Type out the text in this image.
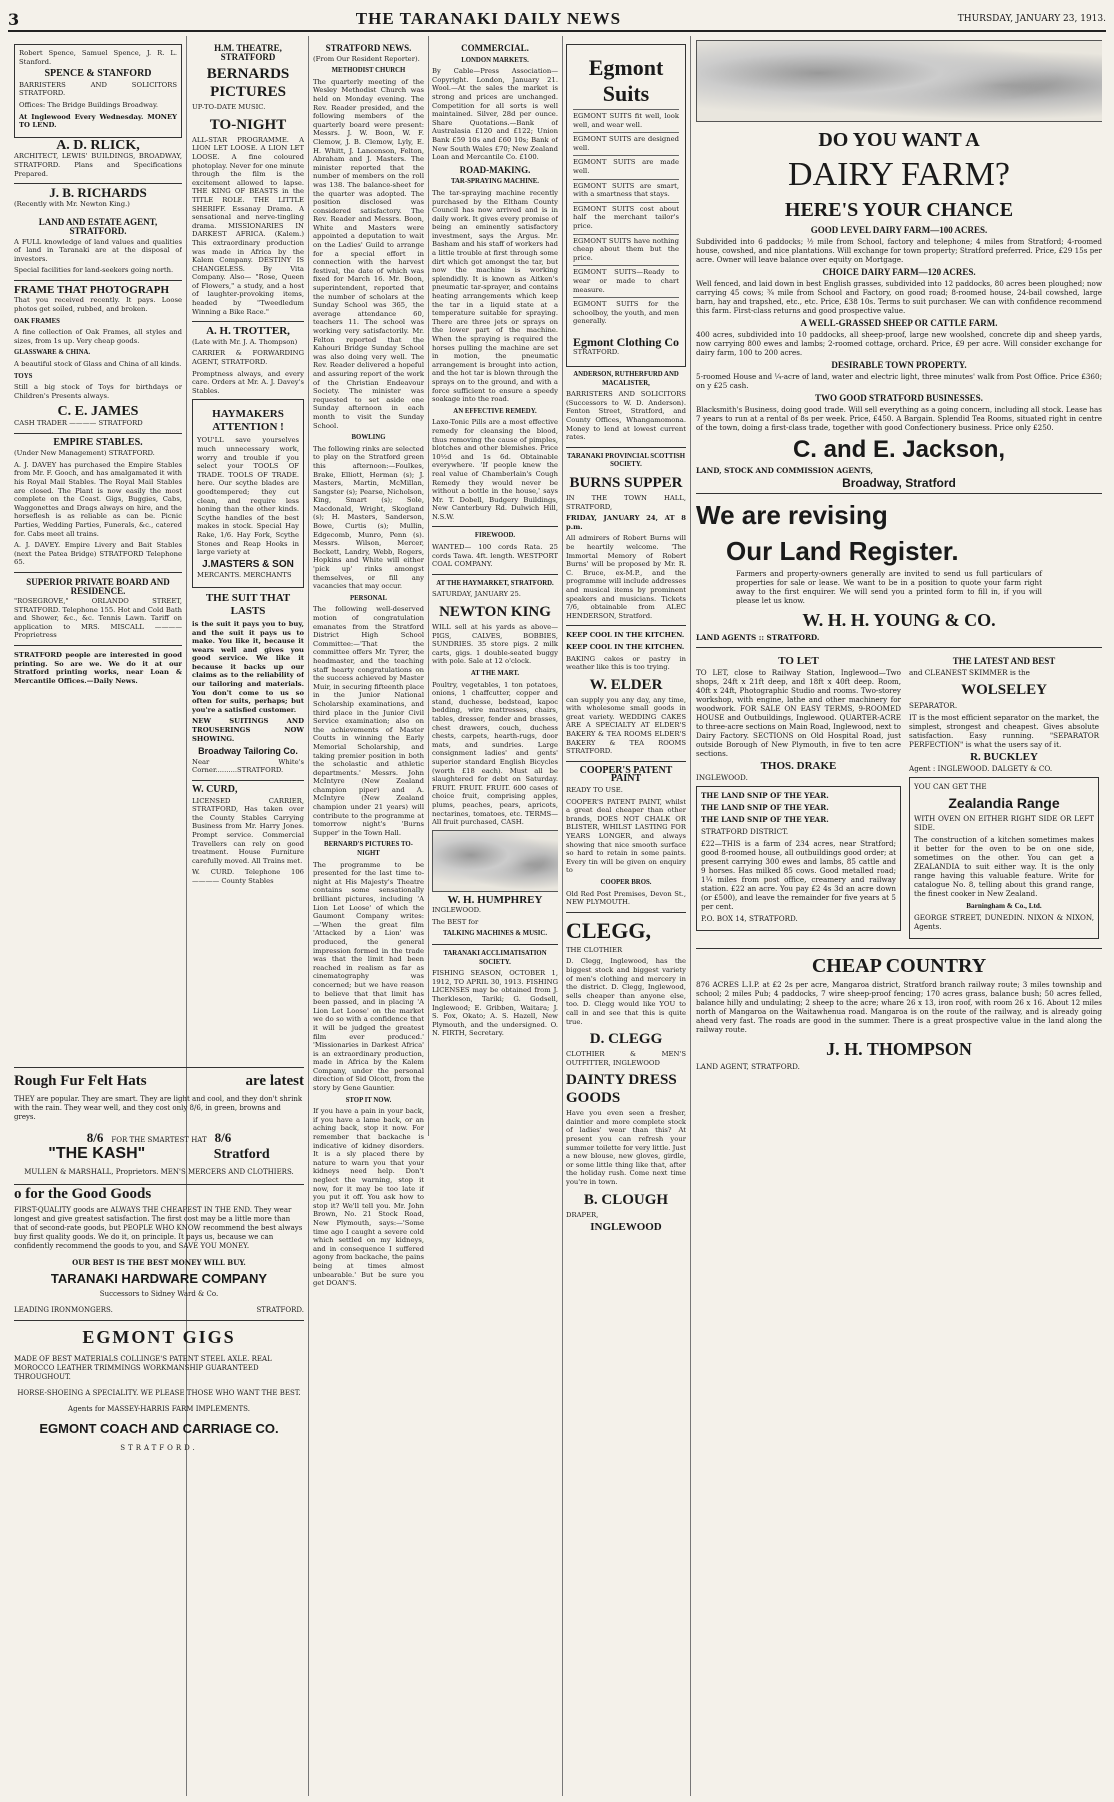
3	THE TARANAKI DAILY NEWS	THURSDAY, JANUARY 23, 1913.

Robert Spence, Samuel Spence, J. R. L. Stanford.

SPENCE & STANFORD

BARRISTERS AND SOLICITORS STRATFORD.

Offices: The Bridge Buildings Broadway.

At Inglewood Every Wednesday. MONEY TO LEND.

A. D. RLICK,

ARCHITECT, LEWIS' BUILDINGS, BROADWAY, STRATFORD. Plans and Specifications Prepared.

J. B. RICHARDS

(Recently with Mr. Newton King.)

LAND AND ESTATE AGENT, STRATFORD.

A FULL knowledge of land values and qualities of land in Taranaki are at the disposal of investors.

Special facilities for land-seekers going north.

FRAME THAT PHOTOGRAPH

That you received recently. It pays. Loose photos get soiled, rubbed, and broken.

OAK FRAMES

A fine collection of Oak Frames, all styles and sizes, from 1s up. Very cheap goods.

GLASSWARE & CHINA.

A beautiful stock of Glass and China of all kinds.

TOYS

Still a big stock of Toys for birthdays or Children's Presents always.

C. E. JAMES

CASH TRADER ———— STRATFORD

EMPIRE STABLES.

(Under New Management) STRATFORD.

A. J. DAVEY has purchased the Empire Stables from Mr. F. Gooch, and has amalgamated it with his Royal Mail Stables. The Royal Mail Stables are closed. The Plant is now easily the most complete on the Coast. Gigs, Buggies, Cabs, Waggonettes and Drags always on hire, and the horseflesh is as reliable as can be. Picnic Parties, Wedding Parties, Funerals, &c., catered for. Cabs meet all trains.

A. J. DAVEY. Empire Livery and Bait Stables (next the Patea Bridge) STRATFORD Telephone 65.

SUPERIOR PRIVATE BOARD AND RESIDENCE.

"ROSEGROVE," ORLANDO STREET, STRATFORD. Telephone 155. Hot and Cold Bath and Shower, &c., &c. Tennis Lawn. Tariff on application to MRS. MISCALL ———— Proprietress

STRATFORD people are interested in good printing. So are we. We do it at our Stratford printing works, near Loan & Mercantile Offices.—Daily News.

H.M. THEATRE, STRATFORD
BERNARDS PICTURES

UP-TO-DATE MUSIC.

TO-NIGHT

ALL-STAR PROGRAMME. A LION LET LOOSE. A LION LET LOOSE. A fine coloured photoplay. Never for one minute through the film is the excitement allowed to lapse. THE KING OF BEASTS in the TITLE ROLE. THE LITTLE SHERIFF. Essanay Drama. A sensational and nerve-tingling drama. MISSIONARIES IN DARKEST AFRICA. (Kalem.) This extraordinary production was made in Africa by the Kalem Company. DESTINY IS CHANGELESS. By Vita Company. Also— "Rose, Queen of Flowers," a study, and a host of laughter-provoking items, headed by "Tweedledum Winning a Bike Race."

A. H. TROTTER,

(Late with Mr. J. A. Thompson)

CARRIER & FORWARDING AGENT, STRATFORD.

Promptness always, and every care. Orders at Mr. A. J. Davey's Stables.

HAYMAKERS ATTENTION !

YOU'LL save yourselves much unnecessary work, worry and trouble if you select your TOOLS OF TRADE. TOOLS OF TRADE. here. Our scythe blades are goodtempered; they cut clean, and require less honing than the other kinds. Scythe handles of the best makes in stock. Special Hay Rake, 1/6. Hay Fork, Scythe Stones and Reap Hooks in large variety at

J.MASTERS & SON

MERCANTS. MERCHANTS

THE SUIT THAT LASTS

is the suit it pays you to buy, and the suit it pays us to make. You like it, because it wears well and gives you good service. We like it because it backs up our claims as to the reliability of our tailoring and materials. You don't come to us so often for suits, perhaps; but you're a satisfied customer.

NEW SUITINGS AND TROUSERINGS NOW SHOWING.

Broadway Tailoring Co.

Near White's Corner..........STRATFORD.

W. CURD,

LICENSED CARRIER, STRATFORD, Has taken over the County Stables Carrying Business from Mr. Harry Jones. Prompt service. Commercial Travellers can rely on good treatment. House Furniture carefully moved. All Trains met.

W. CURD. Telephone 106 ———— County Stables

STRATFORD NEWS.

(From Our Resident Reporter).

METHODIST CHURCH

The quarterly meeting of the Wesley Methodist Church was held on Monday evening. The Rev. Reader presided, and the following members of the quarterly board were present: Messrs. J. W. Boon, W. F. Clemow, J. B. Clemow, Lyly, E. H. Whitt, J. Lancenson, Felton, Abraham and J. Masters. The minister reported that the number of members on the roll was 138. The balance-sheet for the quarter was adopted. The position disclosed was considered satisfactory. The Rev. Reader and Messrs. Boon, White and Masters were appointed a deputation to wait on the Ladies' Guild to arrange for a special effort in connection with the harvest festival, the date of which was fixed for March 16. Mr. Boon, superintendent, reported that the number of scholars at the Sunday School was 365, the average attendance 60, teachers 11. The school was working very satisfactorily. Mr. Felton reported that the Kahouri Bridge Sunday School was also doing very well. The Rev. Reader delivered a hopeful and assuring report of the work of the Christian Endeavour Society. The minister was requested to set aside one Sunday afternoon in each month to visit the Sunday School.

BOWLING

The following rinks are selected to play on the Stratford green this afternoon:—Foulkes, Brake, Elliott, Herman (s); J. Masters, Martin, McMillan, Sangster (s); Pearse, Nicholson, King, Smart (s); Sole, Macdonald, Wright, Skogland (s); H. Masters, Sanderson, Bowe, Curtis (s); Mullin, Edgecomb, Munro, Penn (s). Messrs. Wilson, Mercer, Beckett, Landry, Webb, Rogers, Hopkins and White will either 'pick up' rinks amongst themselves, or fill any vacancies that may occur.

PERSONAL

The following well-deserved motion of congratulation emanates from the Stratford District High School Committee:—'That the committee offers Mr. Tyrer, the headmaster, and the teaching staff hearty congratulations on the success achieved by Master Muir, in securing fifteenth place in the Junior National Scholarship examinations, and third place in the Junior Civil Service examination; also on the achievements of Master Coutts in winning the Early Memorial Scholarship, and taking premier position in both the scholastic and athletic departments.' Messrs. John McIntyre (New Zealand champion piper) and A. McIntyre (New Zealand champion under 21 years) will contribute to the programme at tomorrow night's 'Burns Supper' in the Town Hall.

BERNARD'S PICTURES TO-NIGHT

The programme to be presented for the last time to-night at His Majesty's Theatre contains some sensationally brilliant pictures, including 'A Lion Let Loose' of which the Gaumont Company writes:—'When the great film 'Attacked by a Lion' was produced, the general impression formed in the trade was that the limit had been reached in realism as far as cinematography was concerned; but we have reason to believe that that limit has been passed, and in placing 'A Lion Let Loose' on the market we do so with a confidence that it will be judged the greatest film ever produced.' 'Missionaries in Darkest Africa' is an extraordinary production, made in Africa by the Kalem Company, under the personal direction of Sid Olcott, from the story by Gene Gauntier.

STOP IT NOW.

If you have a pain in your back, if you have a lame back, or an aching back, stop it now. For remember that backache is indicative of kidney disorders. It is a sly placed there by nature to warn you that your kidneys need help. Don't neglect the warning, stop it now, for it may be too late if you put it off. You ask how to stop it? We'll tell you. Mr. John Brown, No. 21 Stock Road, New Plymouth, says:—'Some time ago I caught a severe cold which settled on my kidneys, and in consequence I suffered agony from backache, the pains being at times almost unbearable.' But be sure you get DOAN'S.

COMMERCIAL.
LONDON MARKETS.

By Cable—Press Association—Copyright. London, January 21. Wool.—At the sales the market is strong and prices are unchanged. Competition for all sorts is well maintained. Silver, 28d per ounce. Share Quotations.—Bank of Australasia £120 and £122; Union Bank £59 10s and £60 10s; Bank of New South Wales £70; New Zealand Loan and Mercantile Co. £100.

ROAD-MAKING.
TAR-SPRAYING MACHINE.

The tar-spraying machine recently purchased by the Eltham County Council has now arrived and is in daily work. It gives every promise of being an eminently satisfactory investment, says the Argus. Mr. Basham and his staff of workers had a little trouble at first through some dirt which got amongst the tar, but now the machine is working splendidly. It is known as Aitken's pneumatic tar-sprayer, and contains heating arrangements which keep the tar in a liquid state at a temperature suitable for spraying. There are three jets or sprays on the lower part of the machine. When the spraying is required the horses pulling the machine are set in motion, the pneumatic arrangement is brought into action, and the hot tar is blown through the sprays on to the ground, and with a force sufficient to ensure a speedy soakage into the road.

AN EFFECTIVE REMEDY.

Laxo-Tonic Pills are a most effective remedy for cleansing the blood, thus removing the cause of pimples, blotches and other blemishes. Price 10½d and 1s 6d. Obtainable everywhere. 'If people knew the real value of Chamberlain's Cough Remedy they would never be without a bottle in the house,' says Mr. T. Dobell, Budgery Buildings, New Canterbury Rd. Dulwich Hill, N.S.W.

FIREWOOD.

WANTED— 100 cords Rata. 25 cords Tawa. 4ft. length. WESTPORT COAL COMPANY.

AT THE HAYMARKET, STRATFORD.

SATURDAY, JANUARY 25.

NEWTON KING

WILL sell at his yards as above— PIGS, CALVES, BOBBIES, SUNDRIES. 35 store pigs. 2 milk carts, gigs. 1 double-seated buggy with pole. Sale at 12 o'clock.

AT THE MART.

Poultry, vegetables, 1 ton potatoes, onions, 1 chaffcutter, copper and stand, duchesse, bedstead, kapoc bedding, wire mattresses, chairs, tables, dresser, fender and brasses, chest drawers, couch, duchess chests, carpets, hearth-rugs, door mats, and sundries. Large consignment ladies' and gents' superior standard English Bicycles (worth £18 each). Must all be slaughtered for debt on Saturday. FRUIT. FRUIT. FRUIT. 600 cases of choice fruit, comprising apples, plums, peaches, pears, apricots, nectarines, tomatoes, etc. TERMS—All fruit purchased, CASH.

W. H. HUMPHREY

INGLEWOOD.

The BEST for

TALKING MACHINES & MUSIC.
TARANAKI ACCLIMATISATION SOCIETY.

FISHING SEASON, OCTOBER 1, 1912, TO APRIL 30, 1913. FISHING LICENSES may be obtained from J. Therkleson, Tariki; G. Godsell, Inglewood; E. Gribben, Waitara; J. S. Fox, Okato; A. S. Hazell, New Plymouth, and the undersigned. O. N. FIRTH, Secretary.

Egmont Suits

EGMONT SUITS fit well, look well, and wear well.

EGMONT SUITS are designed well.

EGMONT SUITS are made well.

EGMONT SUITS are smart, with a smartness that stays.

EGMONT SUITS cost about half the merchant tailor's price.

EGMONT SUITS have nothing cheap about them but the price.

EGMONT SUITS—Ready to wear or made to chart measure.

EGMONT SUITS for the schoolboy, the youth, and men generally.

Egmont Clothing Co

STRATFORD.

ANDERSON, RUTHERFURD AND MACALISTER,

BARRISTERS AND SOLICITORS (Successors to W. D. Anderson). Fenton Street, Stratford, and County Offices, Whangamomona. Money to lend at lowest current rates.

TARANAKI PROVINCIAL SCOTTISH SOCIETY.
BURNS SUPPER

IN THE TOWN HALL, STRATFORD,

FRIDAY, JANUARY 24, AT 8 p.m.

All admirers of Robert Burns will be heartily welcome. 'The Immortal Memory of Robert Burns' will be proposed by Mr. R. C. Bruce, ex-M.P., and the programme will include addresses and musical items by prominent speakers and musicians. Tickets 7/6, obtainable from ALEC HENDERSON, Stratford.

KEEP COOL IN THE KITCHEN.

KEEP COOL IN THE KITCHEN.

BAKING cakes or pastry in weather like this is too trying.

W. ELDER

can supply you any day, any time, with wholesome small goods in great variety. WEDDING CAKES ARE A SPECIALTY AT ELDER'S BAKERY & TEA ROOMS ELDER'S BAKERY & TEA ROOMS STRATFORD.

COOPER'S PATENT PAINT

READY TO USE.

COOPER'S PATENT PAINT, whilst a great deal cheaper than other brands, DOES NOT CHALK OR BLISTER, WHILST LASTING FOR YEARS LONGER, and always showing that nice smooth surface so hard to retain in some paints. Every tin will be given on enquiry to

COOPER BROS.

Old Red Post Premises, Devon St., NEW PLYMOUTH.

CLEGG,

THE CLOTHIER

D. Clegg, Inglewood, has the biggest stock and biggest variety of men's clothing and mercery in the district. D. Clegg, Inglewood, sells cheaper than anyone else, too. D. Clegg would like YOU to call in and see that this is quite true.

D. CLEGG

CLOTHIER & MEN'S OUTFITTER, INGLEWOOD

DAINTY DRESS GOODS

Have you even seen a fresher, daintier and more complete stock of ladies' wear than this? At present you can refresh your summer toilette for very little. Just a new blouse, new gloves, girdle, or some little thing like that, after the holiday rush. Come next time you're in town.

B. CLOUGH

DRAPER,

INGLEWOOD
DO YOU WANT A
DAIRY FARM?
HERE'S YOUR CHANCE
GOOD LEVEL DAIRY FARM—100 ACRES.

Subdivided into 6 paddocks; ½ mile from School, factory and telephone; 4 miles from Stratford; 4-roomed house, cowshed, and nice plantations. Will exchange for town property; Stratford preferred. Price, £29 15s per acre. Owner will leave balance over equity on Mortgage.

CHOICE DAIRY FARM—120 ACRES.

Well fenced, and laid down in best English grasses, subdivided into 12 paddocks, 80 acres been ploughed; now carrying 45 cows; ¾ mile from School and Factory, on good road; 8-roomed house, 24-bail cowshed, large barn, hay and trapshed, etc., etc. Price, £38 10s. Terms to suit purchaser. We can with confidence recommend this farm. First-class returns and good prospective value.

A WELL-GRASSED SHEEP OR CATTLE FARM.

400 acres, subdivided into 10 paddocks, all sheep-proof, large new woolshed, concrete dip and sheep yards, now carrying 800 ewes and lambs; 2-roomed cottage, orchard. Price, £9 per acre. Will consider exchange for dairy farm, 100 to 200 acres.

DESIRABLE TOWN PROPERTY.

5-roomed House and ¼-acre of land, water and electric light, three minutes' walk from Post Office. Price £360; on y £25 cash.

TWO GOOD STRATFORD BUSINESSES.

Blacksmith's Business, doing good trade. Will sell everything as a going concern, including all stock. Lease has 7 years to run at a rental of 8s per week. Price, £450. A Bargain. Splendid Tea Rooms, situated right in centre of the town, doing a first-class trade, together with good Confectionery business. Price only £250.

C. and E. Jackson,

LAND, STOCK AND COMMISSION AGENTS,

Broadway, Stratford
We are revising
Our Land Register.

Farmers and property-owners generally are invited to send us full particulars of properties for sale or lease. We want to be in a position to quote your farm right away to the first enquirer. We will send you a printed form to fill in, if you will please let us know.

W. H. H. YOUNG & CO.

LAND AGENTS :: STRATFORD.

TO LET

TO LET, close to Railway Station, Inglewood—Two shops, 24ft x 21ft deep, and 18ft x 40ft deep. Room, 40ft x 24ft, Photographic Studio and rooms. Two-storey workshop, with engine, lathe and other machinery for woodwork. FOR SALE ON EASY TERMS, 9-ROOMED HOUSE and Outbuildings, Inglewood. QUARTER-ACRE to three-acre sections on Main Road, Inglewood, next to Dairy Factory. SECTIONS on Old Hospital Road, just outside Borough of New Plymouth, in five to ten acre sections.

THOS. DRAKE

INGLEWOOD.

THE LAND SNIP OF THE YEAR.

THE LAND SNIP OF THE YEAR.

THE LAND SNIP OF THE YEAR.

STRATFORD DISTRICT.

£22—THIS is a farm of 234 acres, near Stratford; good 8-roomed house, all outbuildings good order; at present carrying 300 ewes and lambs, 85 cattle and 9 horses. Has milked 85 cows. Good metalled road; 1¼ miles from post office, creamery and railway station. £22 an acre. You pay £2 4s 3d an acre down (or £500), and leave the remainder for five years at 5 per cent.

P.O. BOX 14, STRATFORD.

THE LATEST AND BEST

and CLEANEST SKIMMER is the

WOLSELEY

SEPARATOR.

IT is the most efficient separator on the market, the simplest, strongest and cheapest. Gives absolute satisfaction. Easy running. "SEPARATOR PERFECTION" is what the users say of it.

R. BUCKLEY

Agent : INGLEWOOD. DALGETY & CO.

YOU CAN GET THE

Zealandia Range

WITH OVEN ON EITHER RIGHT SIDE OR LEFT SIDE.

The construction of a kitchen sometimes makes it better for the oven to be on one side, sometimes on the other. You can get a ZEALANDIA to suit either way. It is the only range having this valuable feature. Write for catalogue No. 8, telling about this grand range, the finest cooker in New Zealand.

Barningham & Co., Ltd.

GEORGE STREET, DUNEDIN. NIXON & NIXON, Agents.

CHEAP COUNTRY

876 ACRES L.I.P. at £2 2s per acre, Mangaroa district, Stratford branch railway route; 3 miles township and school; 2 miles Pub; 4 paddocks, 7 wire sheep-proof fencing; 170 acres grass, balance bush; 50 acres felled, balance hilly and undulating; 2 sheep to the acre; whare 26 x 13, iron roof, with room 26 x 16. About 12 miles north of Mangaroa on the Waitawhenua road. Mangaroa is on the route of the railway, and is already going ahead very fast. The roads are good in the summer. There is a great prospective value in the land along the railway route.

J. H. THOMPSON

LAND AGENT, STRATFORD.

Rough Fur Felt Hats	are latest

THEY are popular. They are smart. They are light and cool, and they don't shrink with the rain. They wear well, and they cost only 8/6, in green, browns and greys.

8/6 FOR THE SMARTEST HAT 8/6
"THE KASH"	Stratford

MULLEN & MARSHALL, Proprietors. MEN'S MERCERS AND CLOTHIERS.

o for the Good Goods

FIRST-QUALITY goods are ALWAYS THE CHEAPEST IN THE END. They wear longest and give greatest satisfaction. The first cost may be a little more than that of second-rate goods, but PEOPLE WHO KNOW recommend the best always buy first quality goods. We do it, on principle. It pays us, because we can confidently recommend the goods to you, and SAVE YOU MONEY.

OUR BEST IS THE BEST MONEY WILL BUY.

TARANAKI HARDWARE COMPANY

Successors to Sidney Ward & Co.

LEADING IRONMONGERS.	STRATFORD.
EGMONT GIGS

MADE OF BEST MATERIALS COLLINGE'S PATENT STEEL AXLE. REAL MOROCCO LEATHER TRIMMINGS WORKMANSHIP GUARANTEED THROUGHOUT.

HORSE-SHOEING A SPECIALITY. WE PLEASE THOSE WHO WANT THE BEST.

Agents for MASSEY-HARRIS FARM IMPLEMENTS.

EGMONT COACH AND CARRIAGE CO.

STRATFORD.
